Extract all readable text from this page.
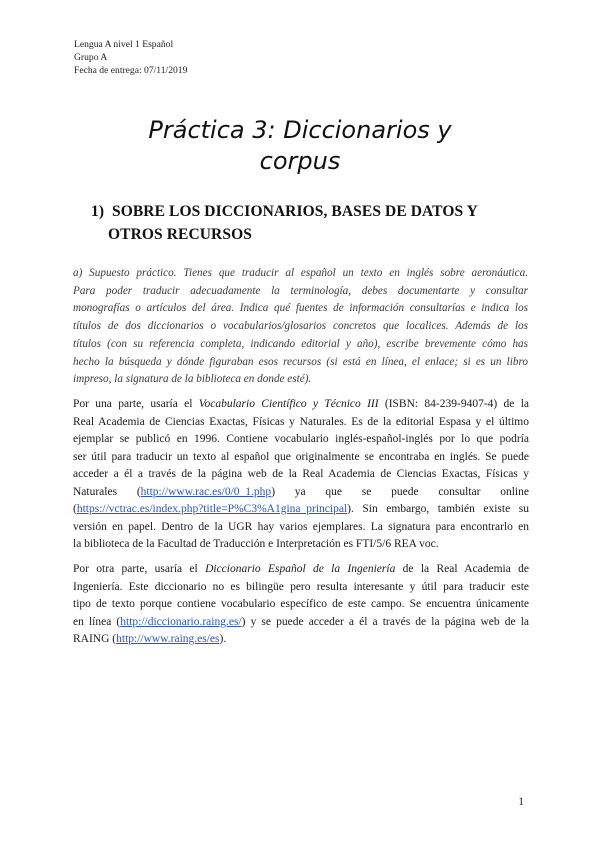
Lengua A nivel 1 Español
Grupo A
Fecha de entrega: 07/11/2019
Práctica 3: Diccionarios y
corpus
1) SOBRE LOS DICCIONARIOS, BASES DE DATOS Y
OTROS RECURSOS

a) Supuesto práctico. Tienes que traducir al español un texto en inglés sobre aeronáutica.
Para poder traducir adecuadamente la terminología, debes documentarte y consultar
monografías o artículos del área. Indica qué fuentes de información consultarías e indica los
títulos de dos diccionarios o vocabularios/glosarios concretos que localices. Además de los
títulos (con su referencia completa, indicando editorial y año), escribe brevemente cómo has
hecho la búsqueda y dónde figuraban esos recursos (si está en línea, el enlace; si es un libro
impreso, la signatura de la biblioteca en donde esté).

Por una parte, usaría el Vocabulario Científico y Técnico III (ISBN: 84-239-9407-4) de la
Real Academia de Ciencias Exactas, Físicas y Naturales. Es de la editorial Espasa y el último
ejemplar se publicó en 1996. Contiene vocabulario inglés-español-inglés por lo que podría
ser útil para traducir un texto al español que originalmente se encontraba en inglés. Se puede
acceder a él a través de la página web de la Real Academia de Ciencias Exactas, Físicas y
Naturales (http://www.rac.es/0/0_1.php) ya que se puede consultar online
(https://vctrac.es/index.php?title=P%C3%A1gina_principal). Sin embargo, también existe su
versión en papel. Dentro de la UGR hay varios ejemplares. La signatura para encontrarlo en
la biblioteca de la Facultad de Traducción e Interpretación es FTI/5/6 REA voc.

Por otra parte, usaría el Diccionario Español de la Ingeniería de la Real Academia de
Ingeniería. Este diccionario no es bilingüe pero resulta interesante y útil para traducir este
tipo de texto porque contiene vocabulario específico de este campo. Se encuentra únicamente
en línea (http://diccionario.raing.es/) y se puede acceder a él a través de la página web de la
RAING (http://www.raing.es/es).

1
